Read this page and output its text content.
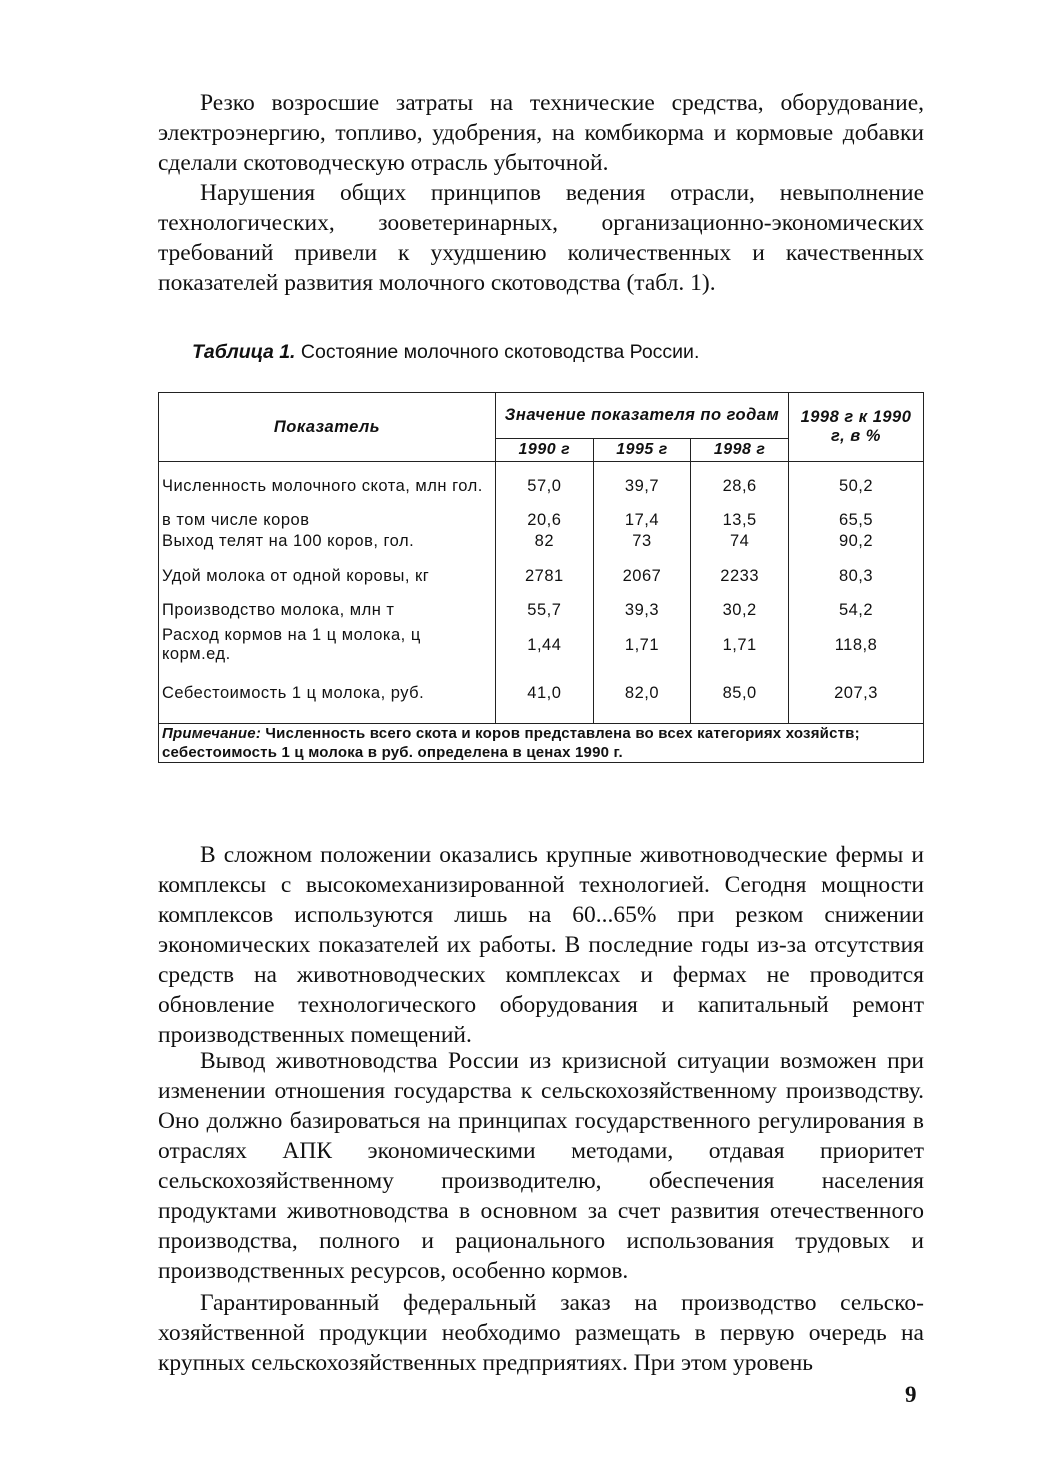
Резко возросшие затраты на технические средства, оборудование, электроэнергию, топливо, удобрения, на комбикорма и кормовые добавки сделали скотоводческую отрасль убыточной.

Нарушения общих принципов ведения отрасли, невыполнение технологических, зооветеринарных, организационно-экономических требований привели к ухудшению количественных и качественных показателей развития молочного скотоводства (табл. 1).

Таблица 1. Состояние молочного скотоводства России.
Показатель	Значение показателя по годам			1998 г к 1990 г, в %
	1990 г	1995 г	1998 г	
Численность молочного скота, млн гол.	57,0	39,7	28,6	50,2
в том числе коров	20,6	17,4	13,5	65,5
Выход телят на 100 коров, гол.	82	73	74	90,2
Удой молока от одной коровы, кг	2781	2067	2233	80,3
Производство молока, млн т	55,7	39,3	30,2	54,2
Расход кормов на 1 ц молока, ц корм.ед.	1,44	1,71	1,71	118,8
Себестоимость 1 ц молока, руб.	41,0	82,0	85,0	207,3

Примечание: Численность всего скота и коров представлена во всех категориях хозяйств; себестоимость 1 ц молока в руб. определена в ценах 1990 г.				

В сложном положении оказались крупные животноводческие фермы и комплексы с высокомеханизированной технологией. Сегодня мощности комплексов используются лишь на 60...65% при резком снижении экономических показателей их работы. В последние годы из-за отсутствия средств на животноводческих комплексах и фермах не проводится обновление технологического оборудования и капитальный ремонт производственных помещений.

Вывод животноводства России из кризисной ситуации возможен при изменении отношения государства к сельскохозяйственному производству. Оно должно базироваться на принципах государственного регулирования в отраслях АПК экономическими методами, отдавая приоритет сельскохозяйственному производителю, обеспечения населения продуктами животноводства в основном за счет развития отечественного производства, полного и рационального использования трудовых и производственных ресурсов, особенно кормов.

Гарантированный федеральный заказ на производство сельскохозяйственной продукции необходимо размещать в первую очередь на крупных сельскохозяйственных предприятиях. При этом уровень

9
